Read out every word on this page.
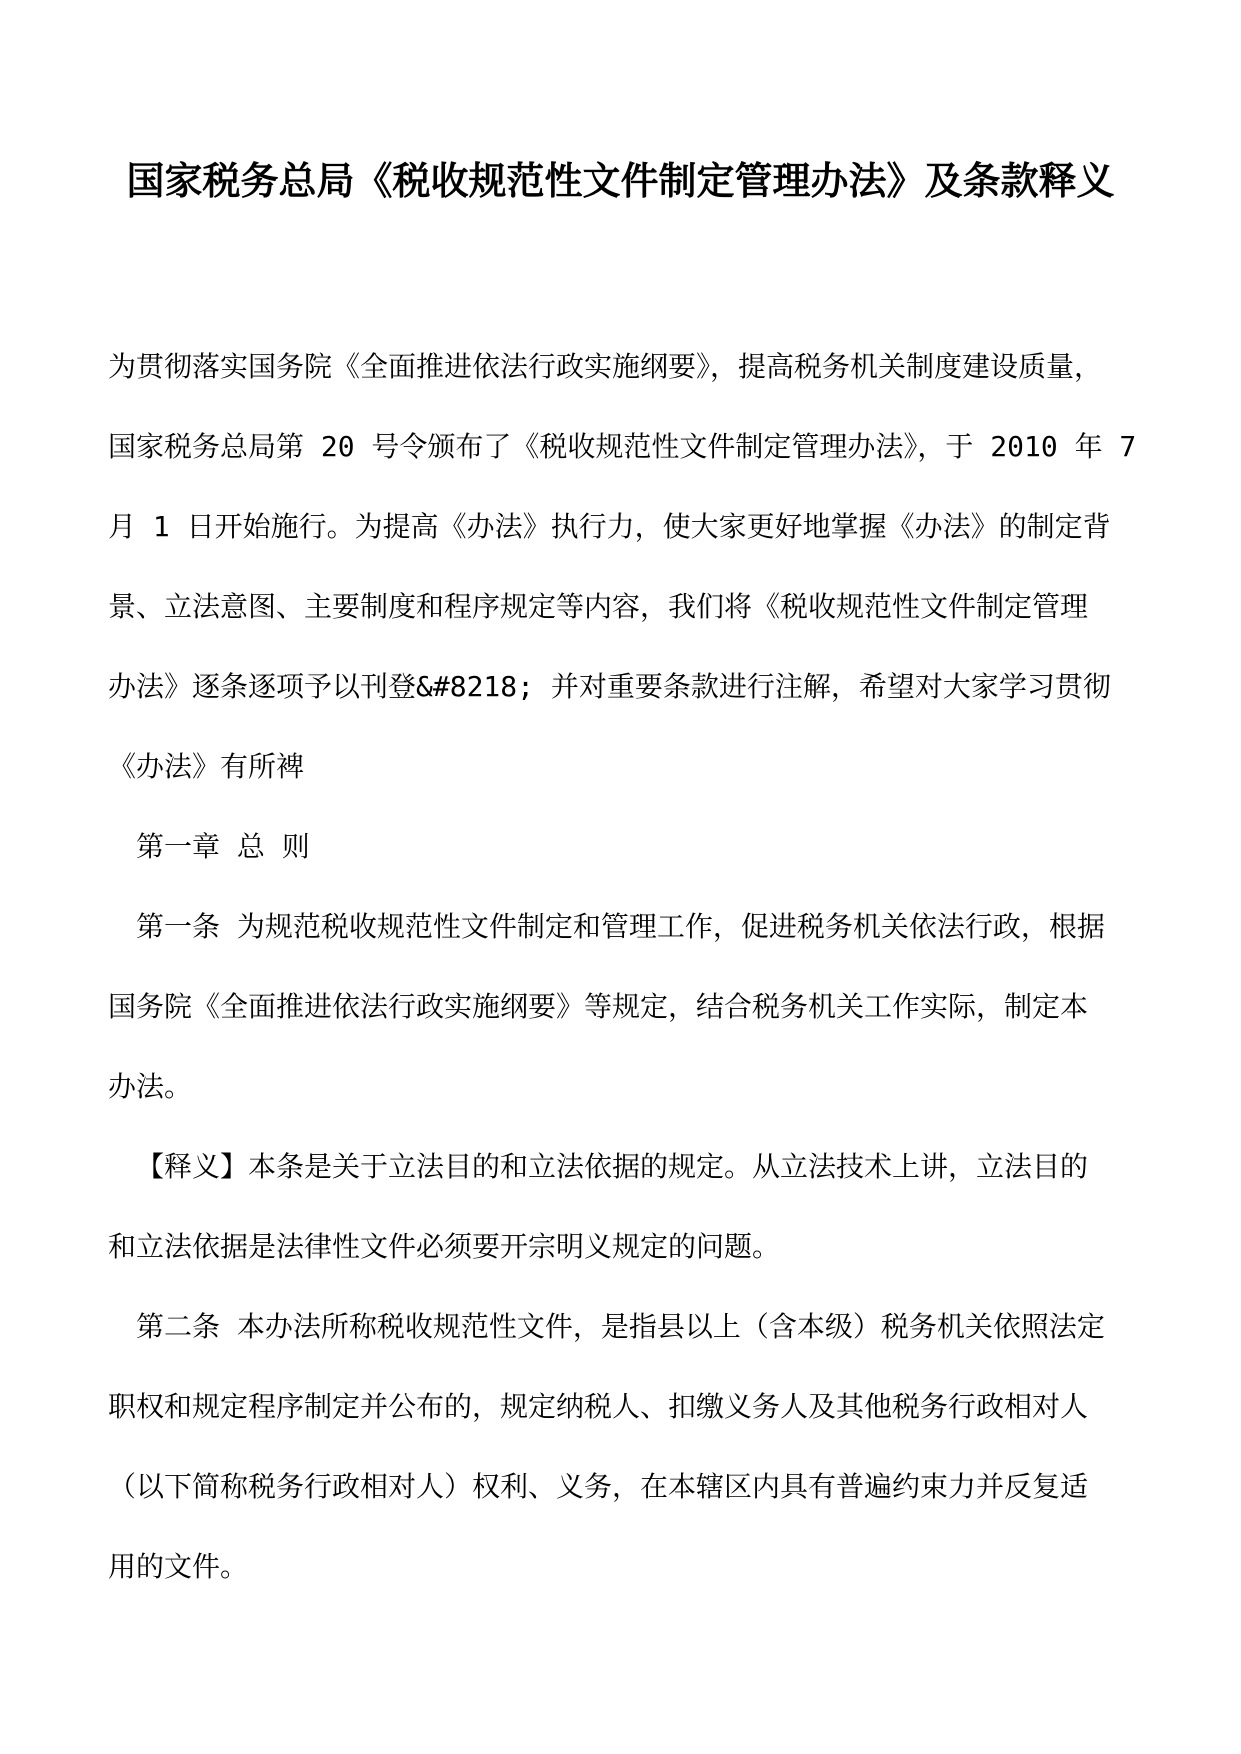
国家税务总局《税收规范性文件制定管理办法》及条款释义
为贯彻落实国务院《全面推进依法行政实施纲要》，提高税务机关制度建设质量，
国家税务总局第 20 号令颁布了《税收规范性文件制定管理办法》，于 2010 年 7
月 1 日开始施行。为提高《办法》执行力，使大家更好地掌握《办法》的制定背
景、立法意图、主要制度和程序规定等内容，我们将《税收规范性文件制定管理
办法》逐条逐项予以刊登&#8218; 并对重要条款进行注解，希望对大家学习贯彻
《办法》有所裨
第一章 总 则
第一条 为规范税收规范性文件制定和管理工作，促进税务机关依法行政，根据
国务院《全面推进依法行政实施纲要》等规定，结合税务机关工作实际，制定本
办法。
【释义】本条是关于立法目的和立法依据的规定。从立法技术上讲，立法目的
和立法依据是法律性文件必须要开宗明义规定的问题。
第二条 本办法所称税收规范性文件，是指县以上（含本级）税务机关依照法定
职权和规定程序制定并公布的，规定纳税人、扣缴义务人及其他税务行政相对人
（以下简称税务行政相对人）权利、义务，在本辖区内具有普遍约束力并反复适
用的文件。
